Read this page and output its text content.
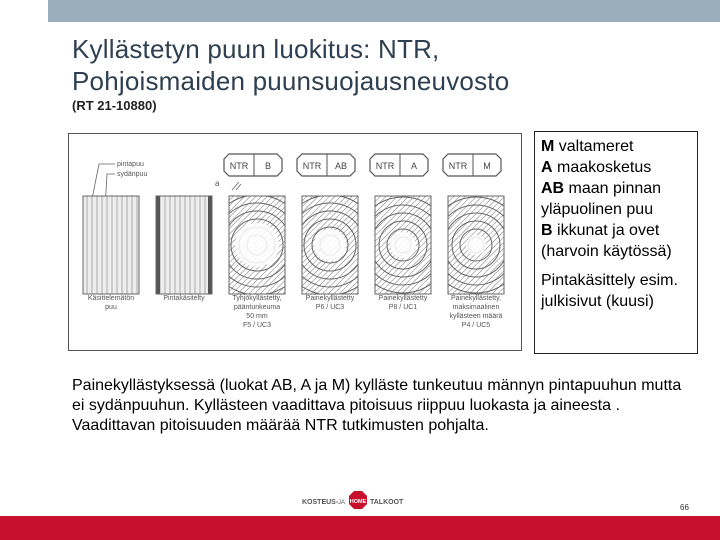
Kyllästetyn puun luokitus: NTR,
Pohjoismaiden puunsuojausneuvosto
(RT 21-10880)
NTR B	NTR AB	NTR A	NTR M
pintapuu
sydänpuu
a
Käsittelemätön
puu
Pintakäsitelty	Tyhjökyllästetty,
pääntunkeuma
50 mm
F5 / UC3
Painekyllästetty
P6 / UC3
Painekyllästetty
P8 / UC1
Painekyllästetty,
maksimaalinen
kyllästeen määrä
P4 / UC5
M valtameret
A maakosketus
AB maan pinnan yläpuolinen puu
B ikkunat ja ovet (harvoin käytössä)
Pintakäsittely esim. julkisivut (kuusi)

Painekyllästyksessä (luokat AB, A ja M) kylläste tunkeutuu männyn pintapuuhun mutta ei sydänpuuhun. Kyllästeen vaadittava pitoisuus riippuu luokasta ja aineesta . Vaadittavan pitoisuuden määrää NTR tutkimusten pohjalta.

KOSTEUS- JA HOME TALKOOT
66
